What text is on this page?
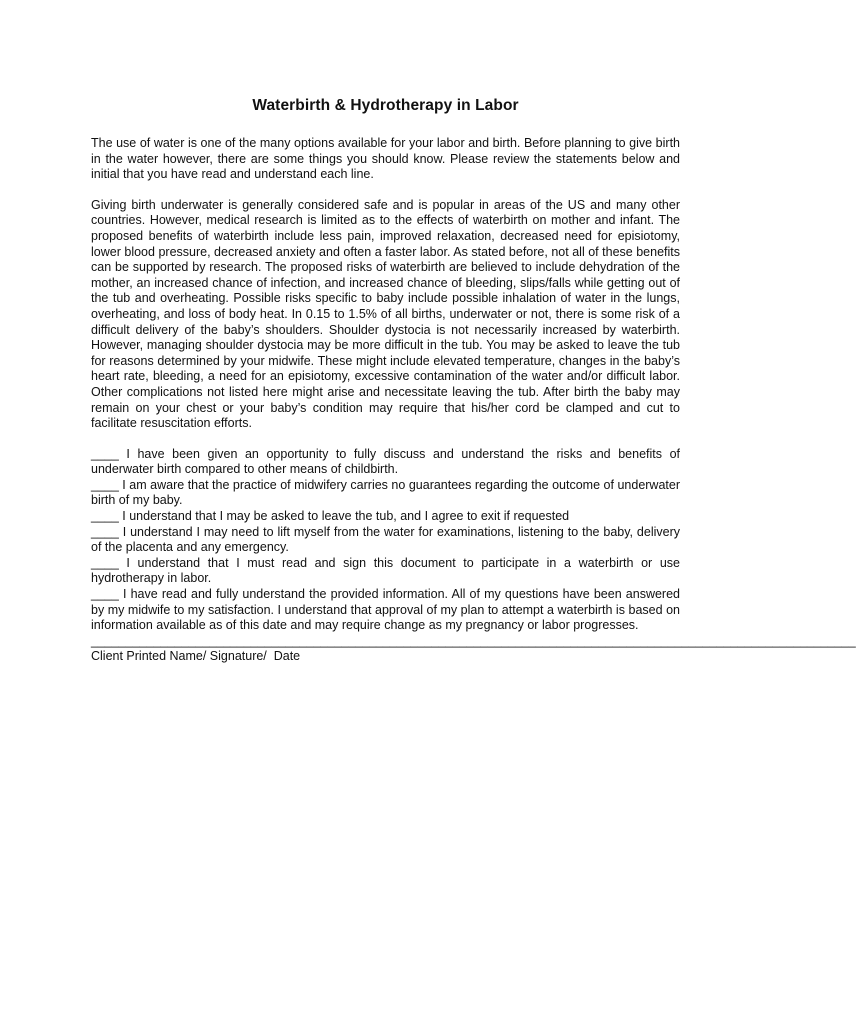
Waterbirth & Hydrotherapy in Labor

The use of water is one of the many options available for your labor and birth. Before planning to give birth in the water however, there are some things you should know. Please review the statements below and initial that you have read and understand each line.

Giving birth underwater is generally considered safe and is popular in areas of the US and many other countries. However, medical research is limited as to the effects of waterbirth on mother and infant. The proposed benefits of waterbirth include less pain, improved relaxation, decreased need for episiotomy, lower blood pressure, decreased anxiety and often a faster labor. As stated before, not all of these benefits can be supported by research. The proposed risks of waterbirth are believed to include dehydration of the mother, an increased chance of infection, and increased chance of bleeding, slips/falls while getting out of the tub and overheating. Possible risks specific to baby include possible inhalation of water in the lungs, overheating, and loss of body heat. In 0.15 to 1.5% of all births, underwater or not, there is some risk of a difficult delivery of the baby’s shoulders. Shoulder dystocia is not necessarily increased by waterbirth. However, managing shoulder dystocia may be more difficult in the tub. You may be asked to leave the tub for reasons determined by your midwife. These might include elevated temperature, changes in the baby’s heart rate, bleeding, a need for an episiotomy, excessive contamination of the water and/or difficult labor. Other complications not listed here might arise and necessitate leaving the tub. After birth the baby may remain on your chest or your baby’s condition may require that his/her cord be clamped and cut to facilitate resuscitation efforts.

____ I have been given an opportunity to fully discuss and understand the risks and benefits of underwater birth compared to other means of childbirth.

____ I am aware that the practice of midwifery carries no guarantees regarding the outcome of underwater birth of my baby.

____ I understand that I may be asked to leave the tub, and I agree to exit if requested

____ I understand I may need to lift myself from the water for examinations, listening to the baby, delivery of the placenta and any emergency.

____ I understand that I must read and sign this document to participate in a waterbirth or use hydrotherapy in labor.

____ I have read and fully understand the provided information. All of my questions have been answered by my midwife to my satisfaction. I understand that approval of my plan to attempt a waterbirth is based on information available as of this date and may require change as my pregnancy or labor progresses.

______________________________________________________________________________________________________________

Client Printed Name/ Signature/  Date
